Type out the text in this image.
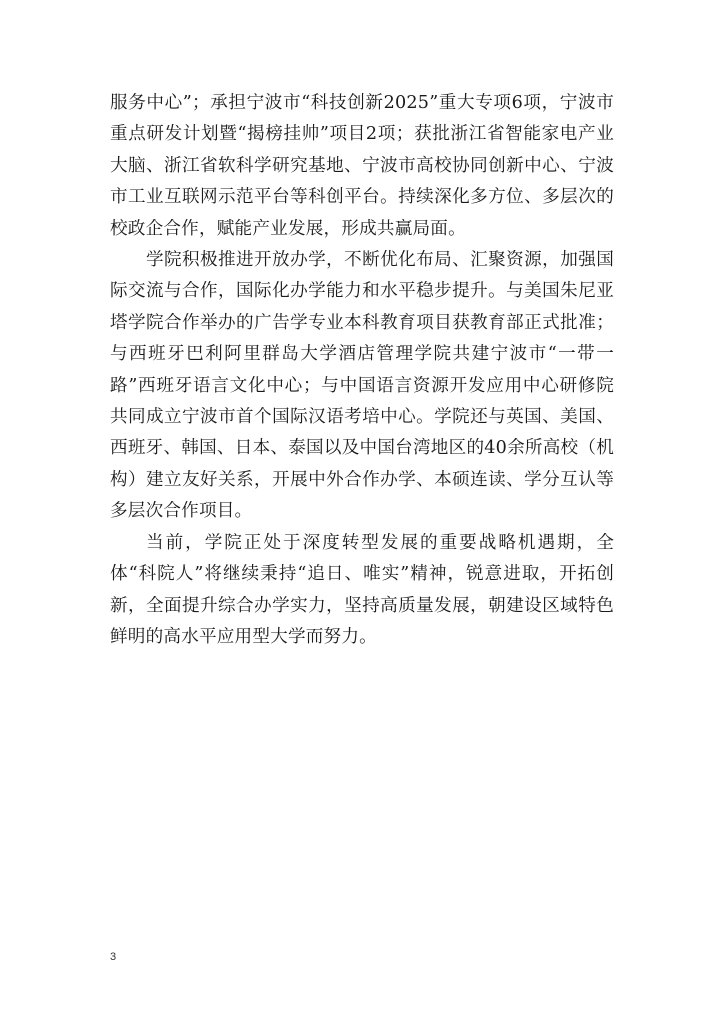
服务中心”；承担宁波市“科技创新2025”重大专项6项，宁波市重点研发计划暨“揭榜挂帅”项目2项；获批浙江省智能家电产业大脑、浙江省软科学研究基地、宁波市高校协同创新中心、宁波市工业互联网示范平台等科创平台。持续深化多方位、多层次的校政企合作，赋能产业发展，形成共赢局面。

学院积极推进开放办学，不断优化布局、汇聚资源，加强国际交流与合作，国际化办学能力和水平稳步提升。与美国朱尼亚塔学院合作举办的广告学专业本科教育项目获教育部正式批准；与西班牙巴利阿里群岛大学酒店管理学院共建宁波市“一带一路”西班牙语言文化中心；与中国语言资源开发应用中心研修院共同成立宁波市首个国际汉语考培中心。学院还与英国、美国、西班牙、韩国、日本、泰国以及中国台湾地区的40余所高校（机构）建立友好关系，开展中外合作办学、本硕连读、学分互认等多层次合作项目。

当前，学院正处于深度转型发展的重要战略机遇期，全体“科院人”将继续秉持“追日、唯实”精神，锐意进取，开拓创新，全面提升综合办学实力，坚持高质量发展，朝建设区域特色鲜明的高水平应用型大学而努力。

3
